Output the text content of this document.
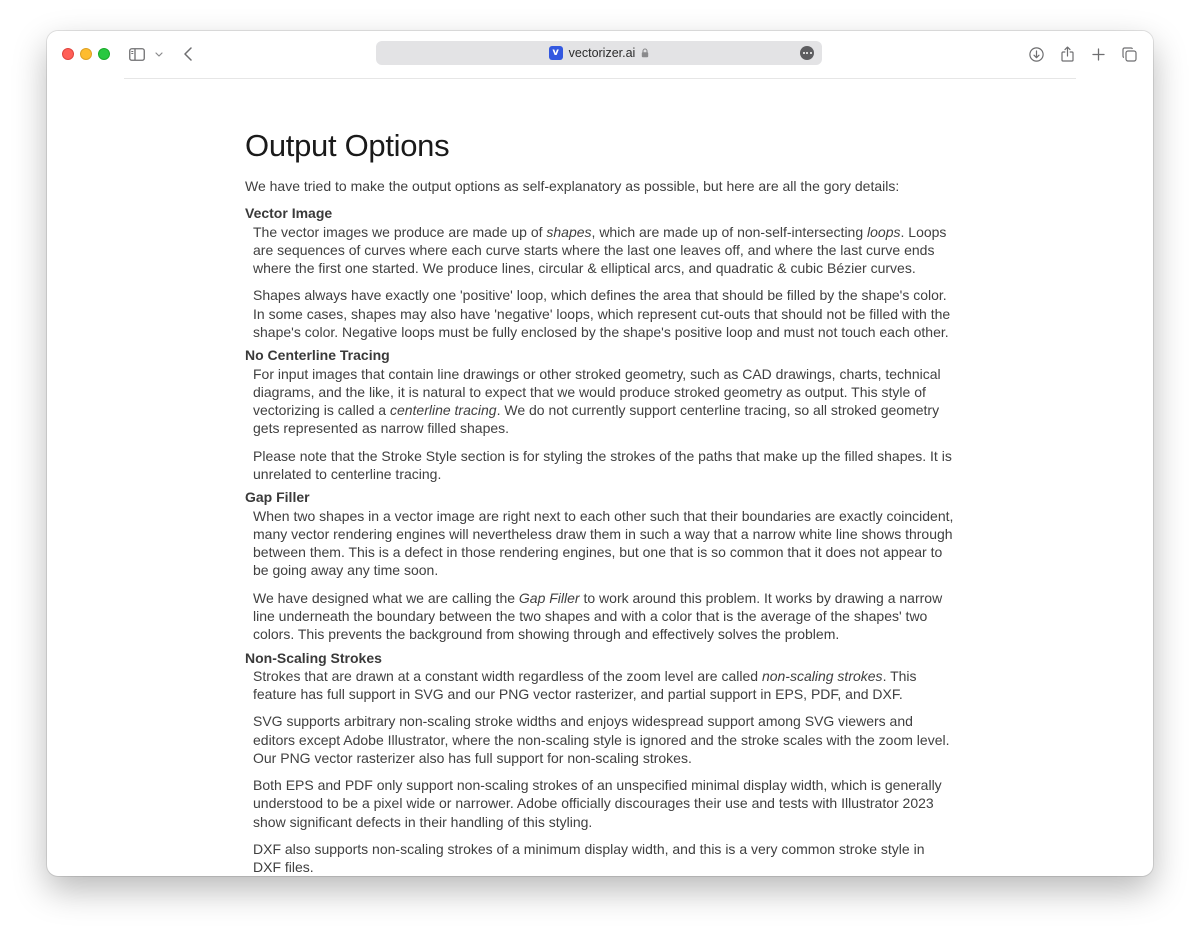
v vectorizer.ai
Output Options

We have tried to make the output options as self-explanatory as possible, but here are all the gory details:

Vector Image

The vector images we produce are made up of shapes, which are made up of non-self-intersecting loops. Loops are sequences of curves where each curve starts where the last one leaves off, and where the last curve ends where the first one started. We produce lines, circular & elliptical arcs, and quadratic & cubic Bézier curves.

Shapes always have exactly one 'positive' loop, which defines the area that should be filled by the shape's color. In some cases, shapes may also have 'negative' loops, which represent cut-outs that should not be filled with the shape's color. Negative loops must be fully enclosed by the shape's positive loop and must not touch each other.

No Centerline Tracing

For input images that contain line drawings or other stroked geometry, such as CAD drawings, charts, technical diagrams, and the like, it is natural to expect that we would produce stroked geometry as output. This style of vectorizing is called a centerline tracing. We do not currently support centerline tracing, so all stroked geometry gets represented as narrow filled shapes.

Please note that the Stroke Style section is for styling the strokes of the paths that make up the filled shapes. It is unrelated to centerline tracing.

Gap Filler

When two shapes in a vector image are right next to each other such that their boundaries are exactly coincident, many vector rendering engines will nevertheless draw them in such a way that a narrow white line shows through between them. This is a defect in those rendering engines, but one that is so common that it does not appear to be going away any time soon.

We have designed what we are calling the Gap Filler to work around this problem. It works by drawing a narrow line underneath the boundary between the two shapes and with a color that is the average of the shapes' two colors. This prevents the background from showing through and effectively solves the problem.

Non-Scaling Strokes

Strokes that are drawn at a constant width regardless of the zoom level are called non-scaling strokes. This feature has full support in SVG and our PNG vector rasterizer, and partial support in EPS, PDF, and DXF.

SVG supports arbitrary non-scaling stroke widths and enjoys widespread support among SVG viewers and editors except Adobe Illustrator, where the non-scaling style is ignored and the stroke scales with the zoom level. Our PNG vector rasterizer also has full support for non-scaling strokes.

Both EPS and PDF only support non-scaling strokes of an unspecified minimal display width, which is generally understood to be a pixel wide or narrower. Adobe officially discourages their use and tests with Illustrator 2023 show significant defects in their handling of this styling.

DXF also supports non-scaling strokes of a minimum display width, and this is a very common stroke style in DXF files.
